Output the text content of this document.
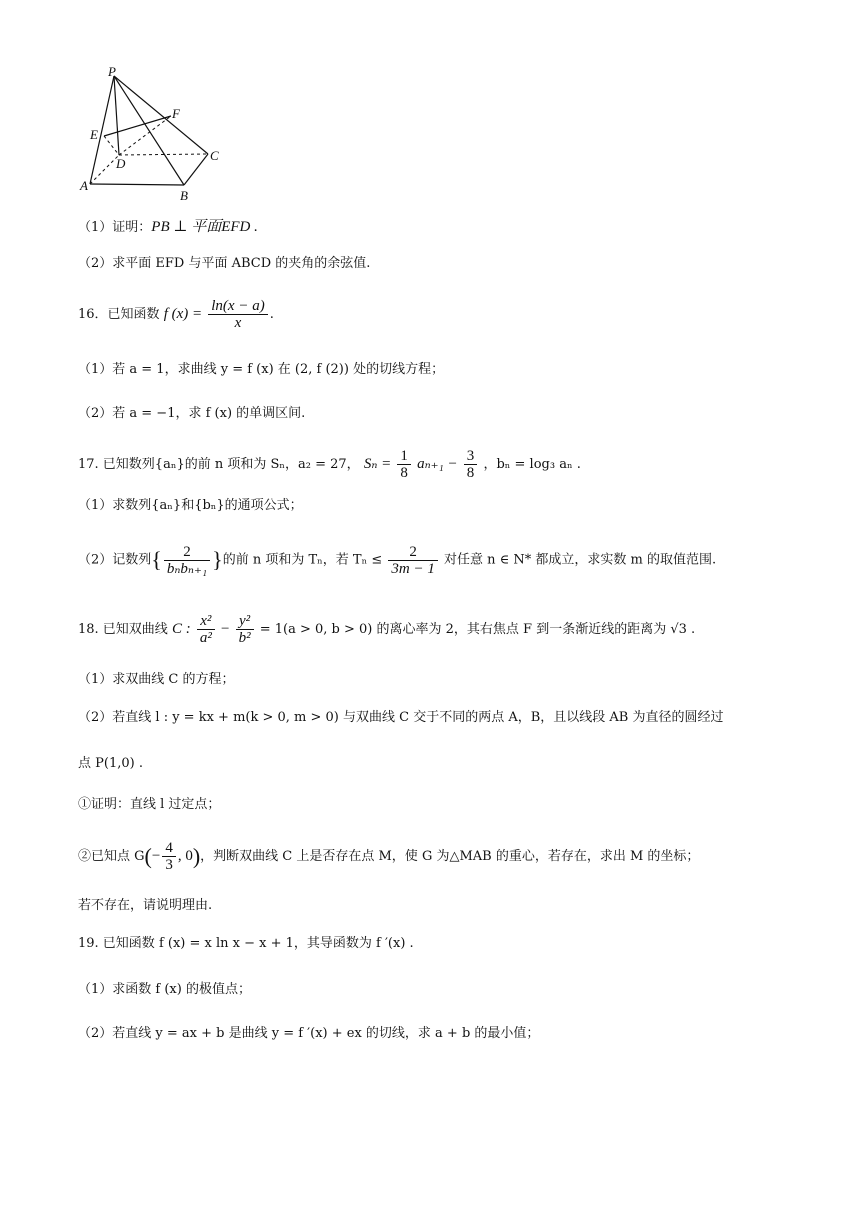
P
E
F
D
C
A
B
（1）证明：PB ⊥ 平面EFD .
（2）求平面 EFD 与平面 ABCD 的夹角的余弦值.
16．已知函数 f $(x) = \frac{\ln(x - a)}{x}$ .
（1）若 a = 1，求曲线 y = f (x) 在 (2, f (2)) 处的切线方程；
（2）若 a = −1，求 f (x) 的单调区间.
17. 已知数列{aₙ}的前 n 项和为 Sₙ，a₂ = 27， $S_n = \frac{1}{8} a_{n+1} - \frac{3}{8}$ ，bₙ = log₃ aₙ .
（1）求数列{aₙ}和{bₙ}的通项公式；
（2）记数列{ $\frac{2}{\text{bₙbₙ₊₁}}$ }的前 n 项和为 Tₙ，若 $T_n \le \frac{2}{3m - 1}$ 对任意 n ∈ N* 都成立，求实数 m 的取值范围.
18. 已知双曲线 C : $\frac{\text{x²}}{\text{a²}} - \frac{\text{y²}}{\text{b²}} = 1(a > 0$, b > 0) 的离心率为 2，其右焦点 F 到一条渐近线的距离为 √3 .
（1）求双曲线 C 的方程；
（2）若直线 l : y = kx + m(k > 0, m > 0) 与双曲线 C 交于不同的两点 A，B，且以线段 AB 为直径的圆经过
点 P(1,0) .
①证明：直线 l 过定点；
②已知点 $G(- \frac{4}{3}$ , 0)，判断双曲线 C 上是否存在点 M，使 G 为△MAB 的重心，若存在，求出 M 的坐标；
若不存在，请说明理由.
19. 已知函数 f (x) = x ln x − x + 1，其导函数为 f ′(x) .
（1）求函数 f (x) 的极值点；
（2）若直线 y = ax + b 是曲线 y = f ′(x) + ex 的切线，求 a + b 的最小值；
